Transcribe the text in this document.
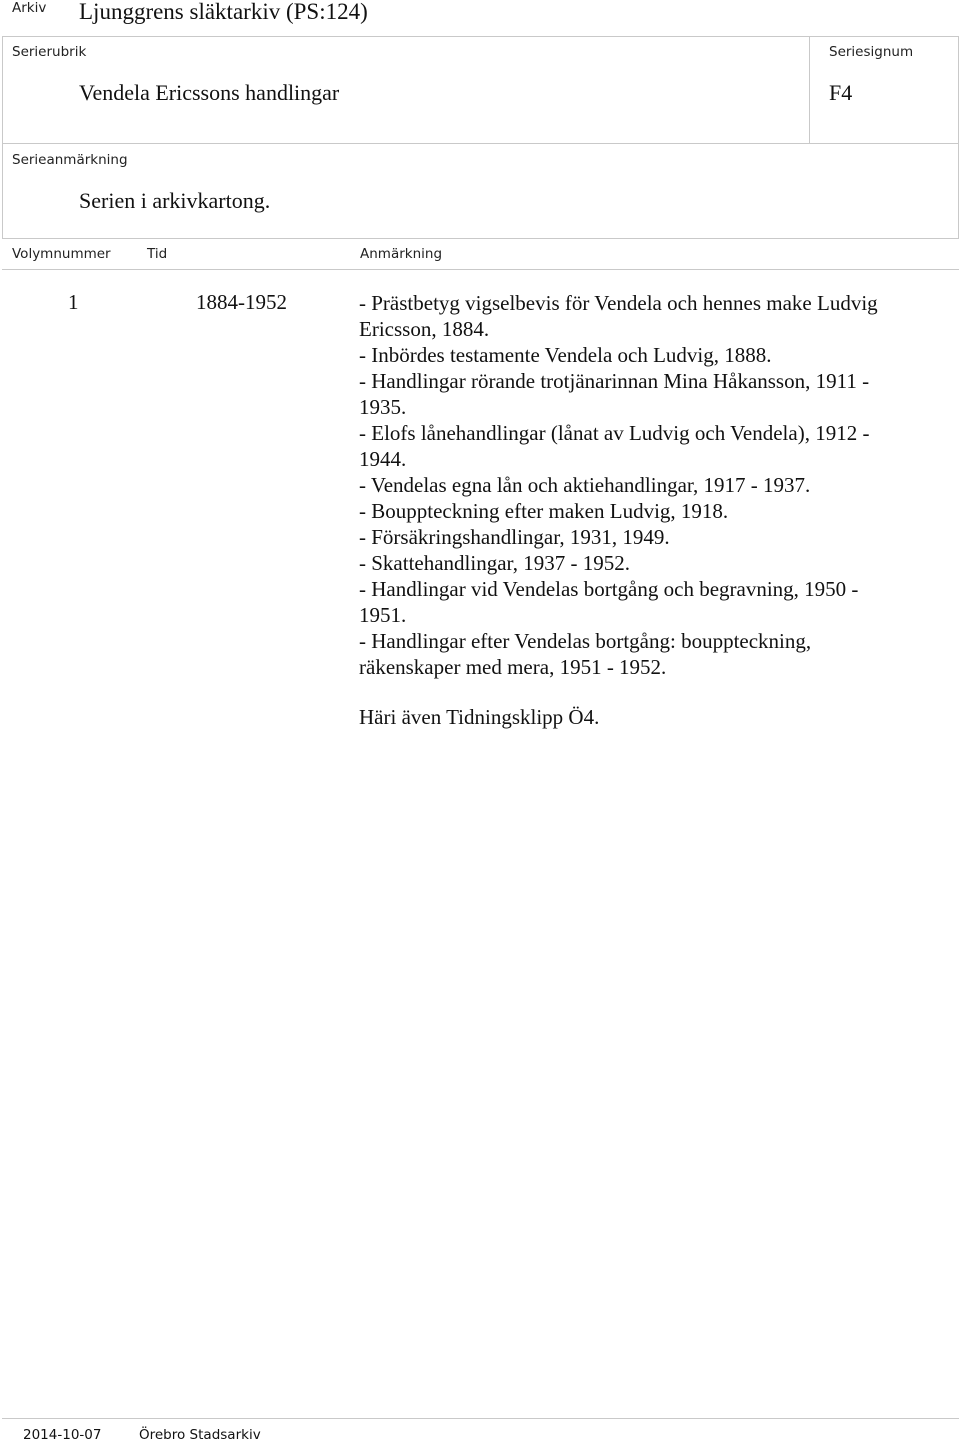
Arkiv Ljunggrens släktarkiv (PS:124)
Serierubrik
Vendela Ericssons handlingar
Seriesignum
F4
Serieanmärkning
Serien i arkivkartong.
Volymnummer	Tid	Anmärkning
1	1884-1952	- Prästbetyg vigselbevis för Vendela och hennes make Ludvig
Ericsson, 1884.
- Inbördes testamente Vendela och Ludvig, 1888.
- Handlingar rörande trotjänarinnan Mina Håkansson, 1911 -
1935.
- Elofs lånehandlingar (lånat av Ludvig och Vendela), 1912 -
1944.
- Vendelas egna lån och aktiehandlingar, 1917 - 1937.
- Bouppteckning efter maken Ludvig, 1918.
- Försäkringshandlingar, 1931, 1949.
- Skattehandlingar, 1937 - 1952.
- Handlingar vid Vendelas bortgång och begravning, 1950 -
1951.
- Handlingar efter Vendelas bortgång: bouppteckning,
räkenskaper med mera, 1951 - 1952.
Häri även Tidningsklipp Ö4.
2014-10-07	Örebro Stadsarkiv
